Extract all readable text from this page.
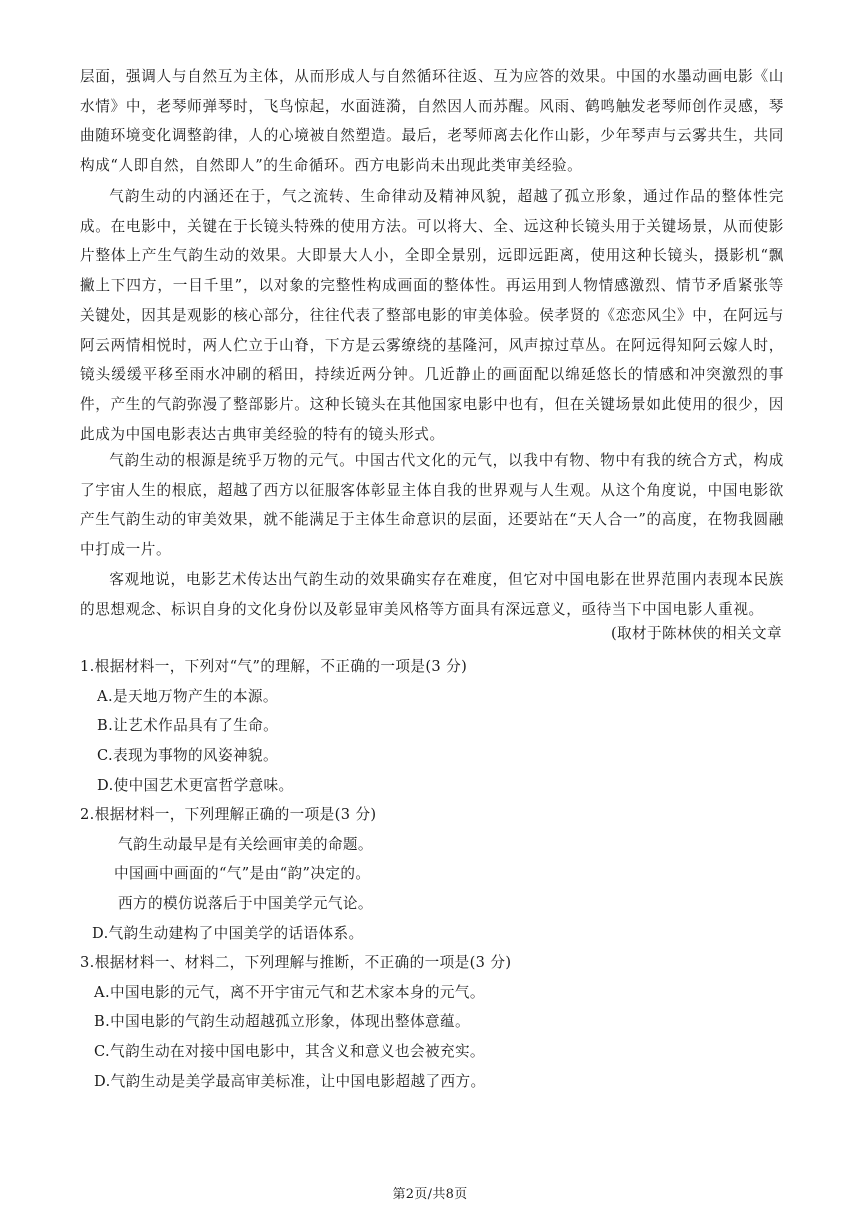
层面，强调人与自然互为主体，从而形成人与自然循环往返、互为应答的效果。中国的水墨动画电影《山水情》中，老琴师弹琴时，飞鸟惊起，水面涟漪，自然因人而苏醒。风雨、鹤鸣触发老琴师创作灵感，琴曲随环境变化调整韵律，人的心境被自然塑造。最后，老琴师离去化作山影，少年琴声与云雾共生，共同构成“人即自然，自然即人”的生命循环。西方电影尚未出现此类审美经验。

气韵生动的内涵还在于，气之流转、生命律动及精神风貌，超越了孤立形象，通过作品的整体性完成。在电影中，关键在于长镜头特殊的使用方法。可以将大、全、远这种长镜头用于关键场景，从而使影片整体上产生气韵生动的效果。大即景大人小，全即全景别，远即远距离，使用这种长镜头，摄影机“飘撇上下四方，一目千里”，以对象的完整性构成画面的整体性。再运用到人物情感激烈、情节矛盾紧张等关键处，因其是观影的核心部分，往往代表了整部电影的审美体验。侯孝贤的《恋恋风尘》中，在阿远与阿云两情相悦时，两人伫立于山脊，下方是云雾缭绕的基隆河，风声掠过草丛。在阿远得知阿云嫁人时，镜头缓缓平移至雨水冲刷的稻田，持续近两分钟。几近静止的画面配以绵延悠长的情感和冲突激烈的事件，产生的气韵弥漫了整部影片。这种长镜头在其他国家电影中也有，但在关键场景如此使用的很少，因此成为中国电影表达古典审美经验的特有的镜头形式。

气韵生动的根源是统乎万物的元气。中国古代文化的元气，以我中有物、物中有我的统合方式，构成了宇宙人生的根底，超越了西方以征服客体彰显主体自我的世界观与人生观。从这个角度说，中国电影欲产生气韵生动的审美效果，就不能满足于主体生命意识的层面，还要站在“天人合一”的高度，在物我圆融中打成一片。

客观地说，电影艺术传达出气韵生动的效果确实存在难度，但它对中国电影在世界范围内表现本民族的思想观念、标识自身的文化身份以及彰显审美风格等方面具有深远意义，亟待当下中国电影人重视。

(取材于陈林侠的相关文章
1.根据材料一，下列对“气”的理解，不正确的一项是(3 分)
A.是天地万物产生的本源。
B.让艺术作品具有了生命。
C.表现为事物的风姿神貌。
D.使中国艺术更富哲学意味。
2.根据材料一，下列理解正确的一项是(3 分)
气韵生动最早是有关绘画审美的命题。
中国画中画面的“气”是由“韵”决定的。
西方的模仿说落后于中国美学元气论。
D.气韵生动建构了中国美学的话语体系。
3.根据材料一、材料二，下列理解与推断，不正确的一项是(3 分)
A.中国电影的元气，离不开宇宙元气和艺术家本身的元气。
B.中国电影的气韵生动超越孤立形象，体现出整体意蕴。
C.气韵生动在对接中国电影中，其含义和意义也会被充实。
D.气韵生动是美学最高审美标准，让中国电影超越了西方。
第2页/共8页
